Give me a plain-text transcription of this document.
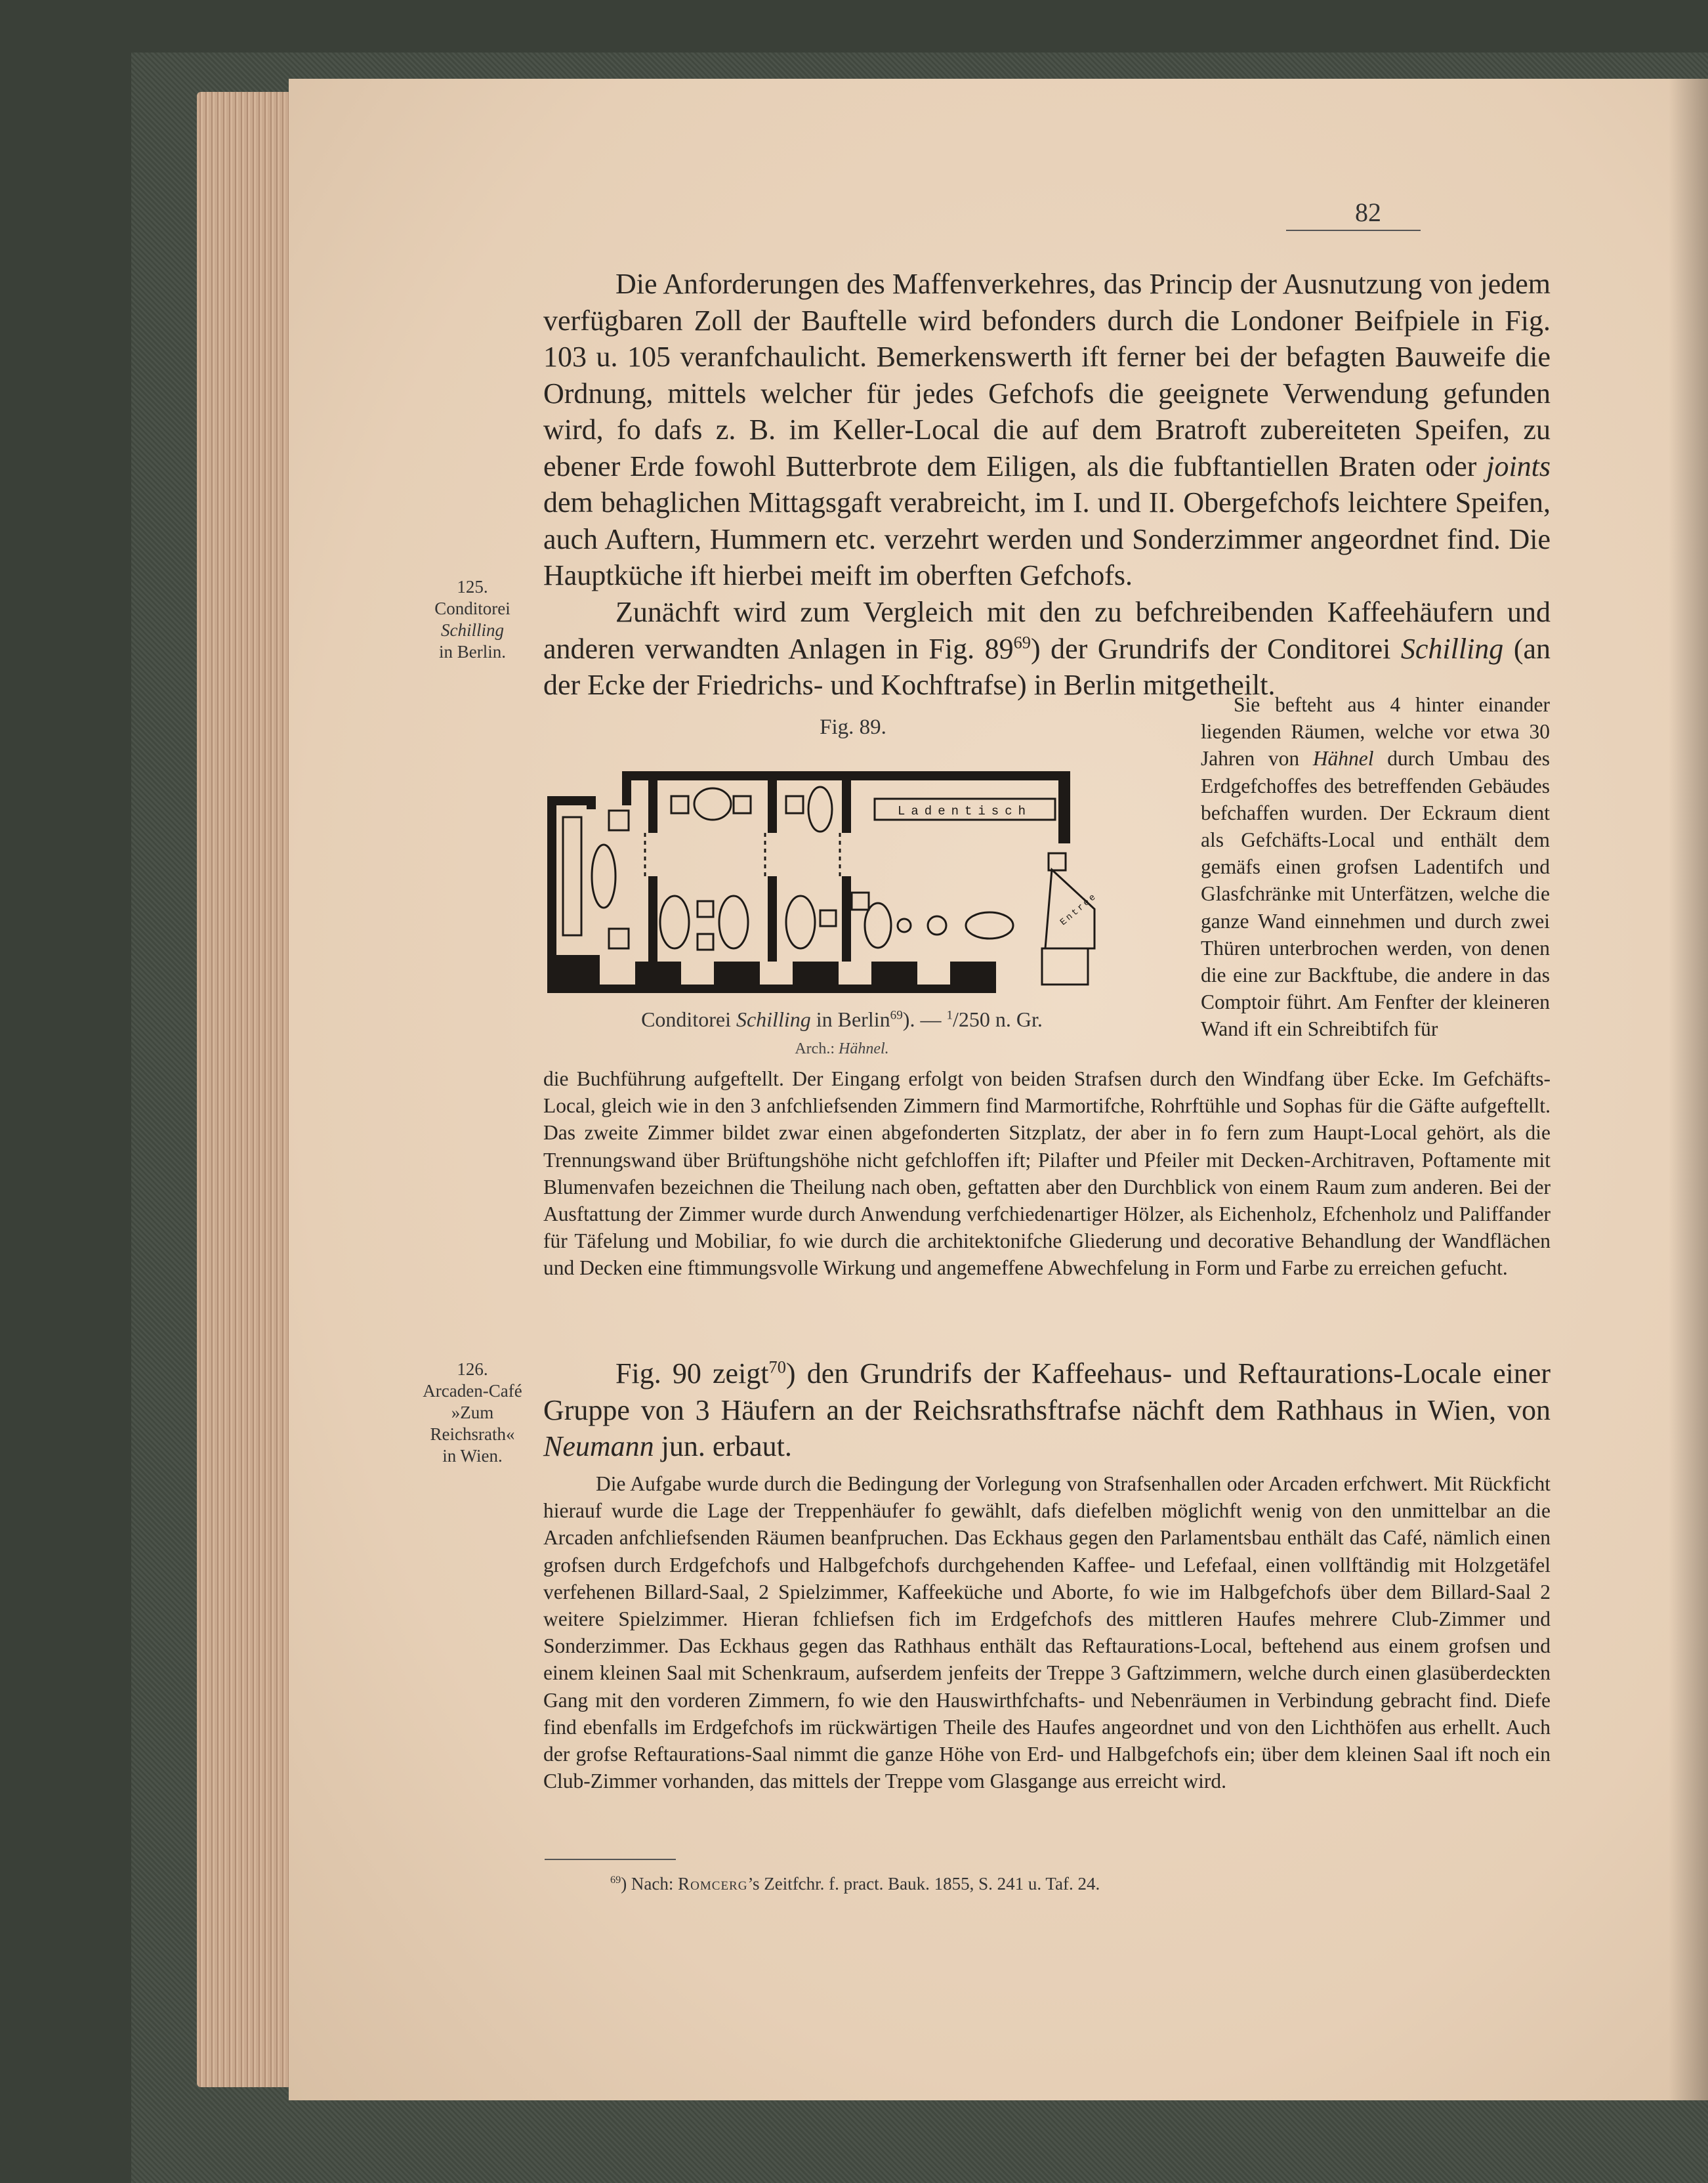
82

Die Anforderungen des Maffenverkehres, das Princip der Ausnutzung von jedem verfügbaren Zoll der Bauftelle wird befonders durch die Londoner Beifpiele in Fig. 103 u. 105 veranfchaulicht. Bemerkenswerth ift ferner bei der befagten Bauweife die Ordnung, mittels welcher für jedes Gefchofs die geeignete Verwendung gefunden wird, fo dafs z. B. im Keller-Local die auf dem Bratroft zubereiteten Speifen, zu ebener Erde fowohl Butterbrote dem Eiligen, als die fubftantiellen Braten oder joints dem behaglichen Mittagsgaft verabreicht, im I. und II. Obergefchofs leichtere Speifen, auch Auftern, Hummern etc. verzehrt werden und Sonderzimmer angeordnet find. Die Hauptküche ift hierbei meift im oberften Gefchofs.

125.
Conditorei
Schilling
in Berlin.

Zunächft wird zum Vergleich mit den zu befchreibenden Kaffeehäufern und anderen verwandten Anlagen in Fig. $89^{69}$) der Grundrifs der Conditorei Schilling (an der Ecke der Friedrichs- und Kochftrafse) in Berlin mitgetheilt.

Fig. 89.
Ladentisch
Entrée
Conditorei Schilling in Berlin$^{69}$). — $^1$/250 n. Gr.
Arch.: Hähnel.

Sie befteht aus 4 hinter einander liegenden Räumen, welche vor etwa 30 Jahren von Hähnel durch Umbau des Erdgefchoffes des betreffenden Gebäudes befchaffen wurden. Der Eckraum dient als Gefchäfts-Local und enthält dem gemäfs einen grofsen Ladentifch und Glasfchränke mit Unterfätzen, welche die ganze Wand einnehmen und durch zwei Thüren unterbrochen werden, von denen die eine zur Backftube, die andere in das Comptoir führt. Am Fenfter der kleineren Wand ift ein Schreibtifch für

die Buchführung aufgeftellt. Der Eingang erfolgt von beiden Strafsen durch den Windfang über Ecke. Im Gefchäfts-Local, gleich wie in den 3 anfchliefsenden Zimmern find Marmortifche, Rohrftühle und Sophas für die Gäfte aufgeftellt. Das zweite Zimmer bildet zwar einen abgefonderten Sitzplatz, der aber in fo fern zum Haupt-Local gehört, als die Trennungswand über Brüftungshöhe nicht gefchloffen ift; Pilafter und Pfeiler mit Decken-Architraven, Poftamente mit Blumenvafen bezeichnen die Theilung nach oben, geftatten aber den Durchblick von einem Raum zum anderen. Bei der Ausftattung der Zimmer wurde durch Anwendung verfchiedenartiger Hölzer, als Eichenholz, Efchenholz und Paliffander für Täfelung und Mobiliar, fo wie durch die architektonifche Gliederung und decorative Behandlung der Wandflächen und Decken eine ftimmungsvolle Wirkung und angemeffene Abwechfelung in Form und Farbe zu erreichen gefucht.

126.
Arcaden-Café
»Zum
Reichsrath«
in Wien.

Fig. 90 zeigt$^{70}$) den Grundrifs der Kaffeehaus- und Reftaurations-Locale einer Gruppe von 3 Häufern an der Reichsrathsftrafse nächft dem Rathhaus in Wien, von Neumann jun. erbaut.

Die Aufgabe wurde durch die Bedingung der Vorlegung von Strafsenhallen oder Arcaden erfchwert. Mit Rückficht hierauf wurde die Lage der Treppenhäufer fo gewählt, dafs diefelben möglichft wenig von den unmittelbar an die Arcaden anfchliefsenden Räumen beanfpruchen. Das Eckhaus gegen den Parlamentsbau enthält das Café, nämlich einen grofsen durch Erdgefchofs und Halbgefchofs durchgehenden Kaffee- und Lefefaal, einen vollftändig mit Holzgetäfel verfehenen Billard-Saal, 2 Spielzimmer, Kaffeeküche und Aborte, fo wie im Halbgefchofs über dem Billard-Saal 2 weitere Spielzimmer. Hieran fchliefsen fich im Erdgefchofs des mittleren Haufes mehrere Club-Zimmer und Sonderzimmer. Das Eckhaus gegen das Rathhaus enthält das Reftaurations-Local, beftehend aus einem grofsen und einem kleinen Saal mit Schenkraum, aufserdem jenfeits der Treppe 3 Gaftzimmern, welche durch einen glasüberdeckten Gang mit den vorderen Zimmern, fo wie den Hauswirthfchafts- und Nebenräumen in Verbindung gebracht find. Diefe find ebenfalls im Erdgefchofs im rückwärtigen Theile des Haufes angeordnet und von den Lichthöfen aus erhellt. Auch der grofse Reftaurations-Saal nimmt die ganze Höhe von Erd- und Halbgefchofs ein; über dem kleinen Saal ift noch ein Club-Zimmer vorhanden, das mittels der Treppe vom Glasgange aus erreicht wird.

$^{69}$) Nach: Romcerg’s Zeitfchr. f. pract. Bauk. 1855, S. 241 u. Taf. 24.
